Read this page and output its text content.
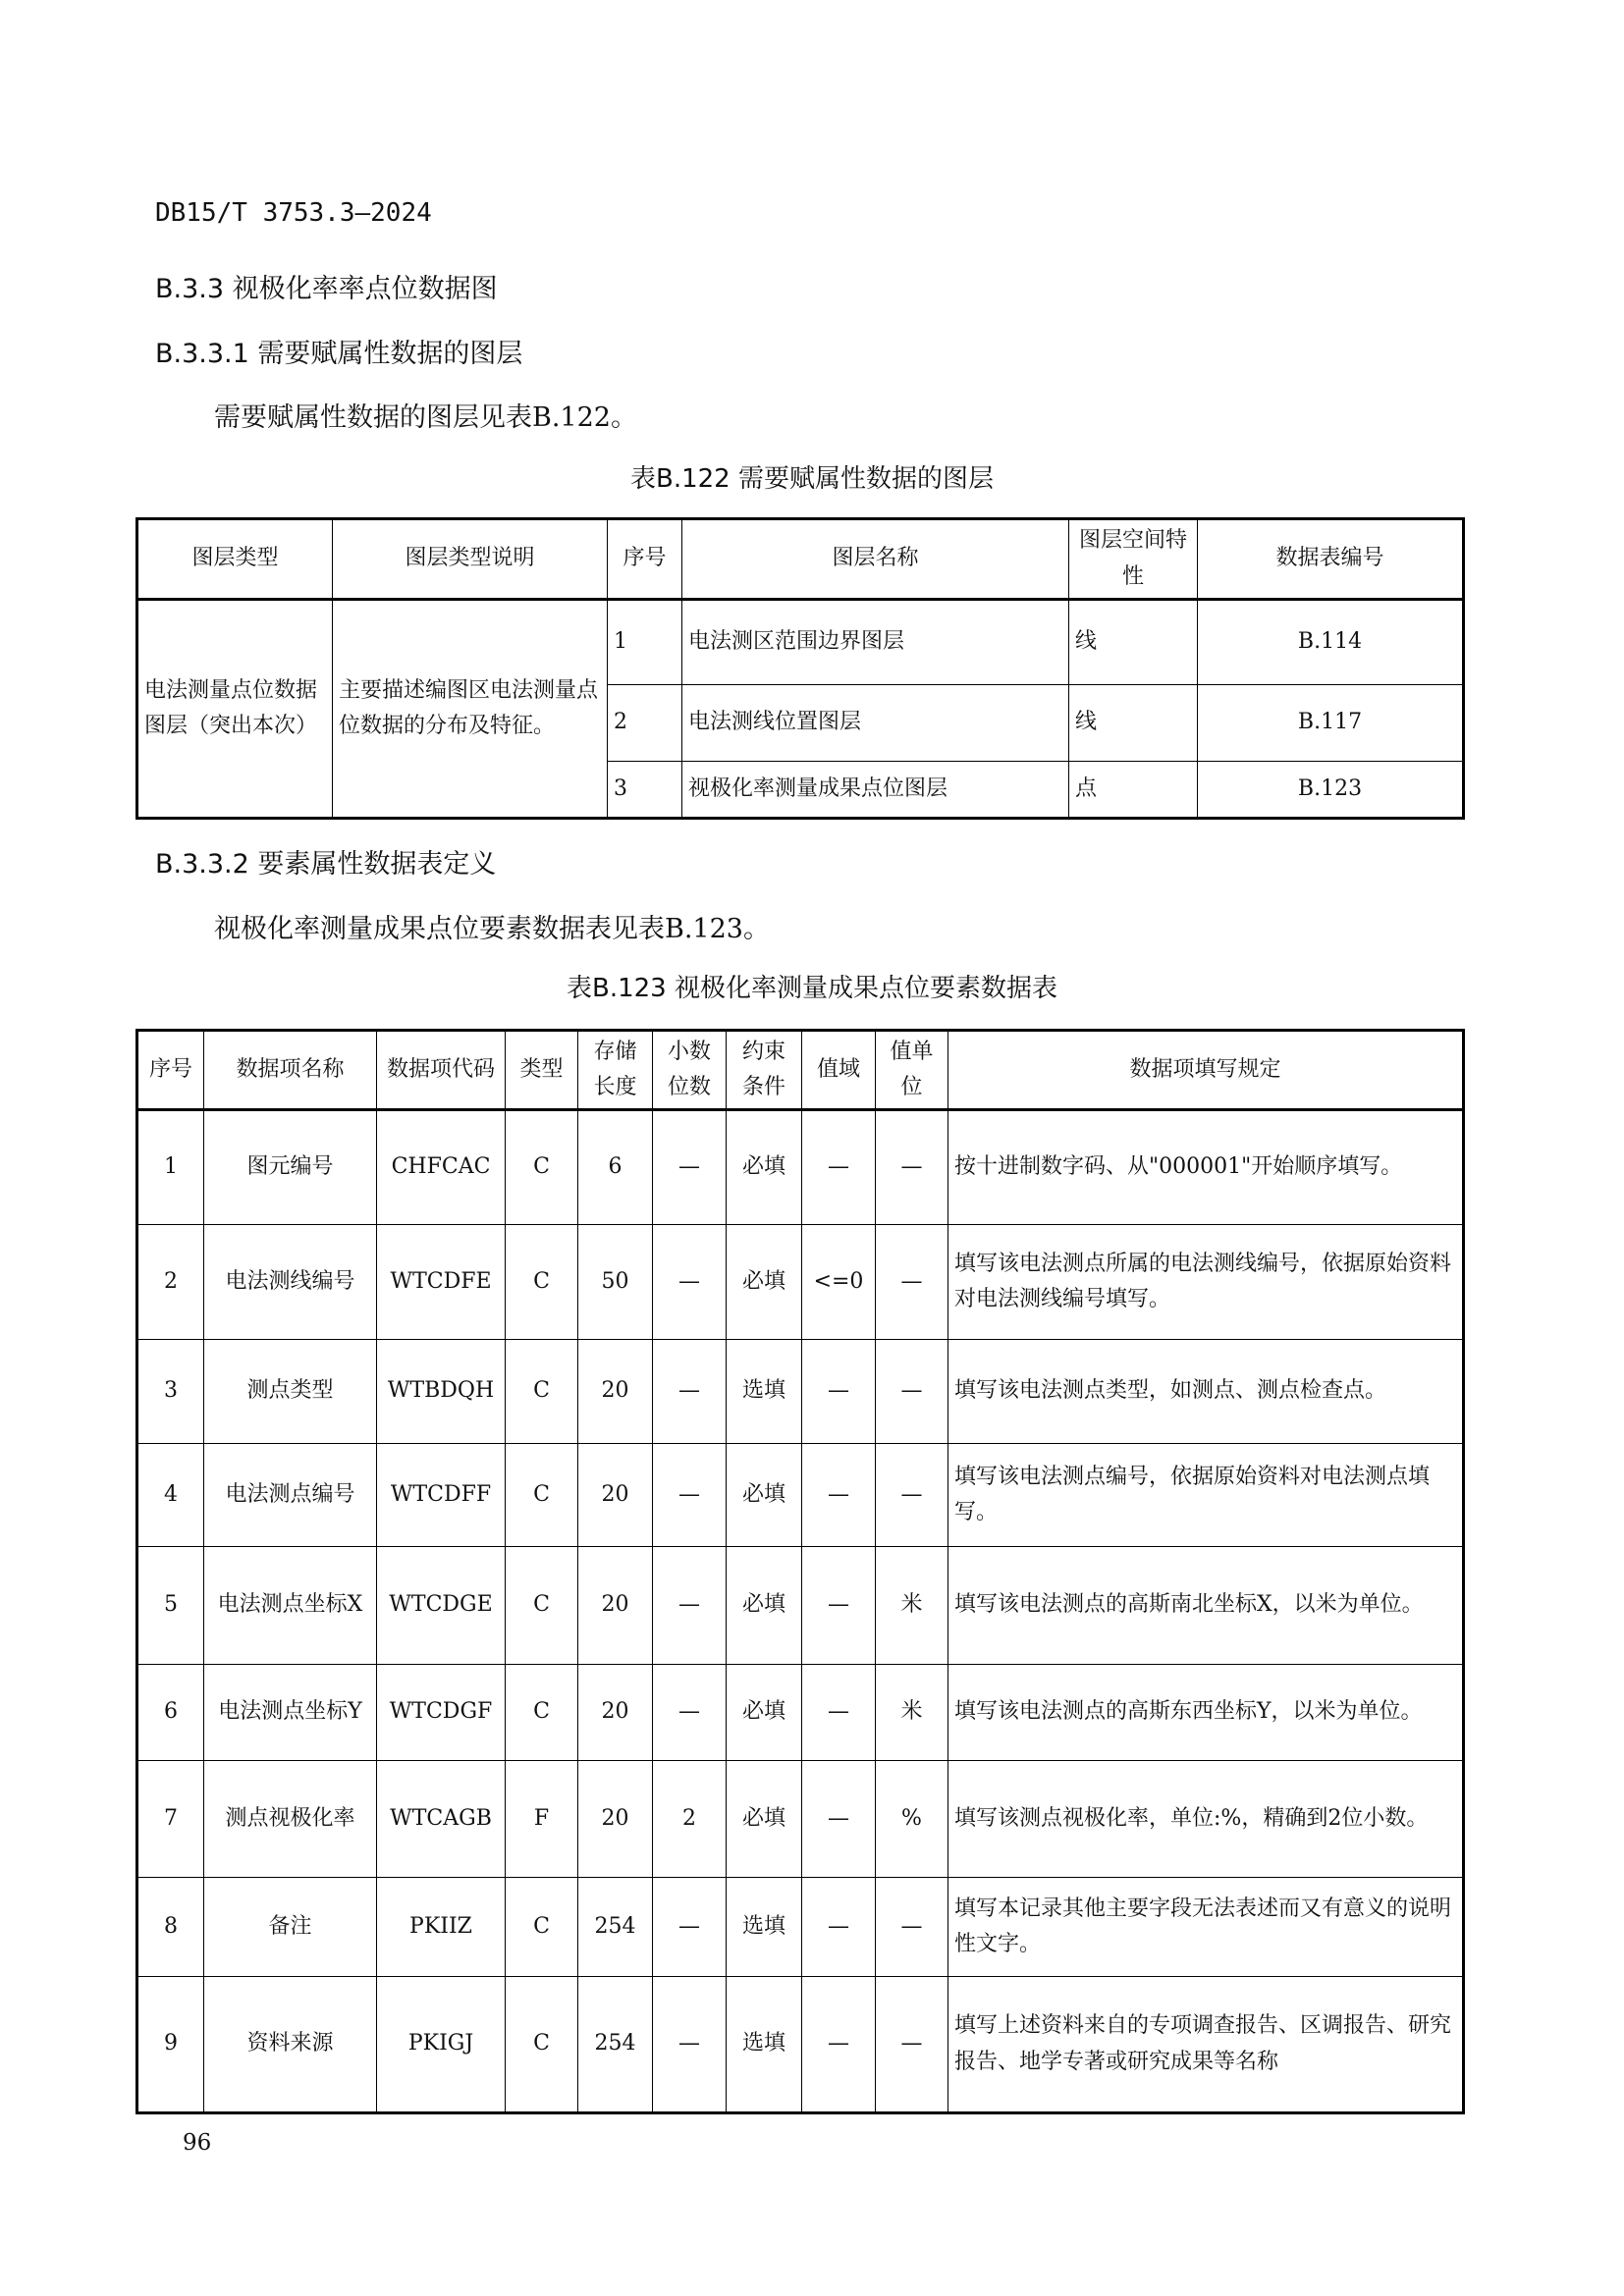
DB15/T 3753.3—2024
B.3.3 视极化率率点位数据图
B.3.3.1 需要赋属性数据的图层
需要赋属性数据的图层见表B.122。
表B.122 需要赋属性数据的图层
图层类型	图层类型说明	序号	图层名称	图层空间特性	数据表编号
电法测量点位数据图层（突出本次）	主要描述编图区电法测量点位数据的分布及特征。	1	电法测区范围边界图层	线	B.114
		2	电法测线位置图层	线	B.117
		3	视极化率测量成果点位图层	点	B.123
B.3.3.2 要素属性数据表定义
视极化率测量成果点位要素数据表见表B.123。
表B.123 视极化率测量成果点位要素数据表
序号	数据项名称	数据项代码	类型	存储长度	小数位数	约束条件	值域	值单位	数据项填写规定
1	图元编号	CHFCAC	C	6	—	必填	—	—	按十进制数字码、从"000001"开始顺序填写。
2	电法测线编号	WTCDFE	C	50	—	必填	<=0	—	填写该电法测点所属的电法测线编号，依据原始资料对电法测线编号填写。
3	测点类型	WTBDQH	C	20	—	选填	—	—	填写该电法测点类型，如测点、测点检查点。
4	电法测点编号	WTCDFF	C	20	—	必填	—	—	填写该电法测点编号，依据原始资料对电法测点填写。
5	电法测点坐标X	WTCDGE	C	20	—	必填	—	米	填写该电法测点的高斯南北坐标X，以米为单位。
6	电法测点坐标Y	WTCDGF	C	20	—	必填	—	米	填写该电法测点的高斯东西坐标Y，以米为单位。
7	测点视极化率	WTCAGB	F	20	2	必填	—	%	填写该测点视极化率，单位:%，精确到2位小数。
8	备注	PKIIZ	C	254	—	选填	—	—	填写本记录其他主要字段无法表述而又有意义的说明性文字。
9	资料来源	PKIGJ	C	254	—	选填	—	—	填写上述资料来自的专项调查报告、区调报告、研究报告、地学专著或研究成果等名称
96
